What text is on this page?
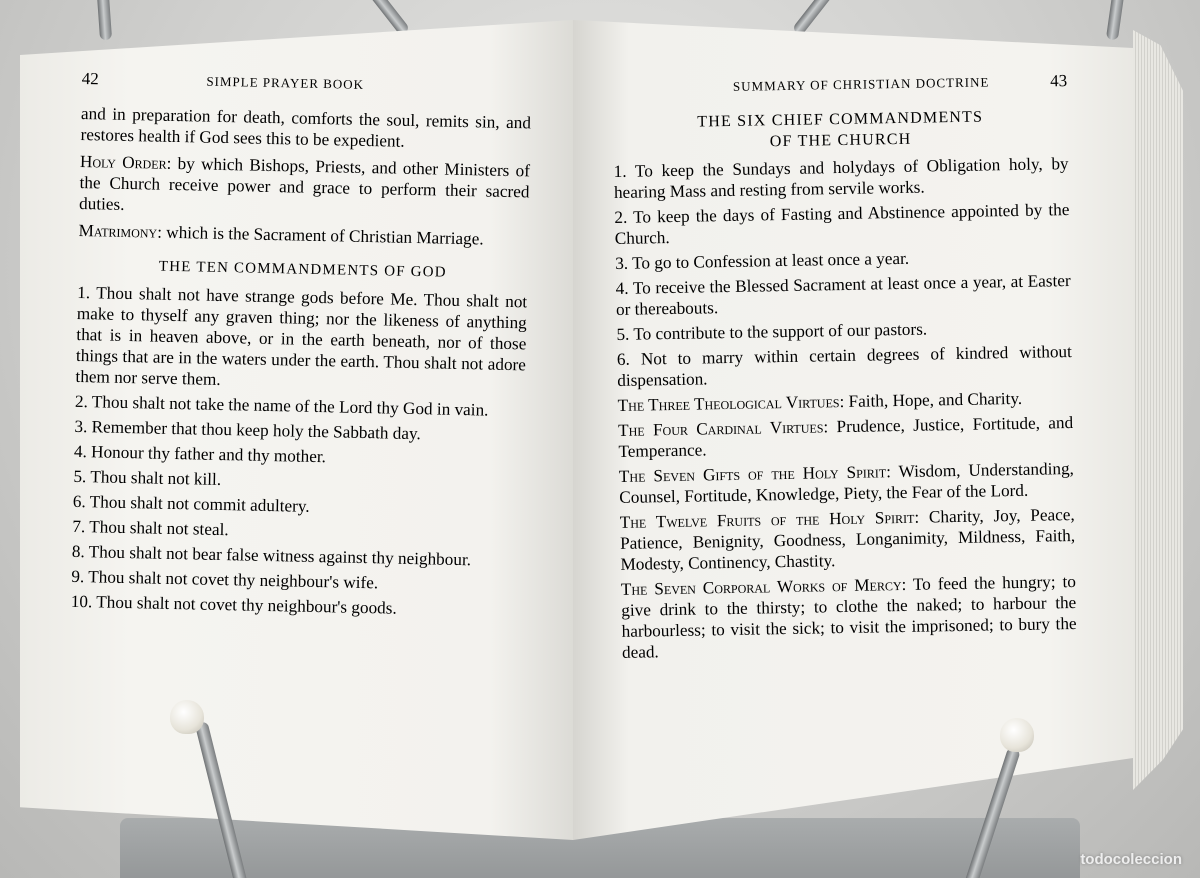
42	SIMPLE PRAYER BOOK

and in preparation for death, comforts the soul, remits sin, and restores health if God sees this to be expedient.

Holy Order: by which Bishops, Priests, and other Ministers of the Church receive power and grace to perform their sacred duties.

Matrimony: which is the Sacrament of Christian Marriage.

THE TEN COMMANDMENTS OF GOD

1. Thou shalt not have strange gods before Me. Thou shalt not make to thyself any graven thing; nor the likeness of anything that is in heaven above, or in the earth beneath, nor of those things that are in the waters under the earth. Thou shalt not adore them nor serve them.

2. Thou shalt not take the name of the Lord thy God in vain.

3. Remember that thou keep holy the Sabbath day.

4. Honour thy father and thy mother.

5. Thou shalt not kill.

6. Thou shalt not commit adultery.

7. Thou shalt not steal.

8. Thou shalt not bear false witness against thy neighbour.

9. Thou shalt not covet thy neighbour's wife.

10. Thou shalt not covet thy neighbour's goods.

SUMMARY OF CHRISTIAN DOCTRINE	43
THE SIX CHIEF COMMANDMENTS
OF THE CHURCH

1. To keep the Sundays and holydays of Obligation holy, by hearing Mass and resting from servile works.

2. To keep the days of Fasting and Abstinence appointed by the Church.

3. To go to Confession at least once a year.

4. To receive the Blessed Sacrament at least once a year, at Easter or thereabouts.

5. To contribute to the support of our pastors.

6. Not to marry within certain degrees of kindred without dispensation.

The Three Theological Virtues: Faith, Hope, and Charity.

The Four Cardinal Virtues: Prudence, Justice, Fortitude, and Temperance.

The Seven Gifts of the Holy Spirit: Wisdom, Understanding, Counsel, Fortitude, Knowledge, Piety, the Fear of the Lord.

The Twelve Fruits of the Holy Spirit: Charity, Joy, Peace, Patience, Benignity, Goodness, Longanimity, Mildness, Faith, Modesty, Continency, Chastity.

The Seven Corporal Works of Mercy: To feed the hungry; to give drink to the thirsty; to clothe the naked; to harbour the harbourless; to visit the sick; to visit the imprisoned; to bury the dead.

todocoleccion
